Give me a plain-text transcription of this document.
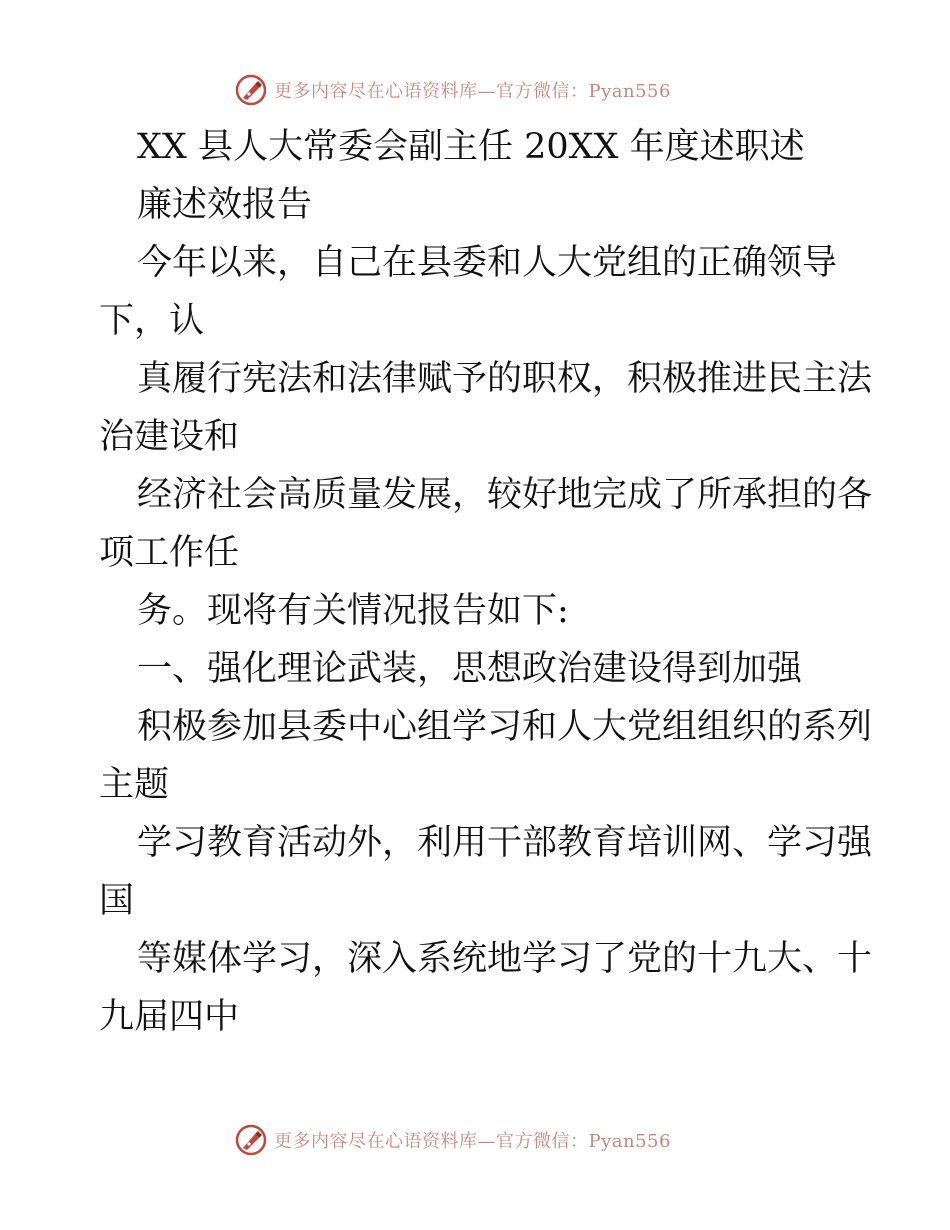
更多内容尽在心语资料库—官方微信：Pyan556
XX 县人大常委会副主任 20XX 年度述职述
廉述效报告
今年以来，自己在县委和人大党组的正确领导
下，认
真履行宪法和法律赋予的职权，积极推进民主法
治建设和
经济社会高质量发展，较好地完成了所承担的各
项工作任
务。现将有关情况报告如下:
一、强化理论武装，思想政治建设得到加强
积极参加县委中心组学习和人大党组组织的系列
主题
学习教育活动外，利用干部教育培训网、学习强
国
等媒体学习，深入系统地学习了党的十九大、十
九届四中
更多内容尽在心语资料库—官方微信：Pyan556
